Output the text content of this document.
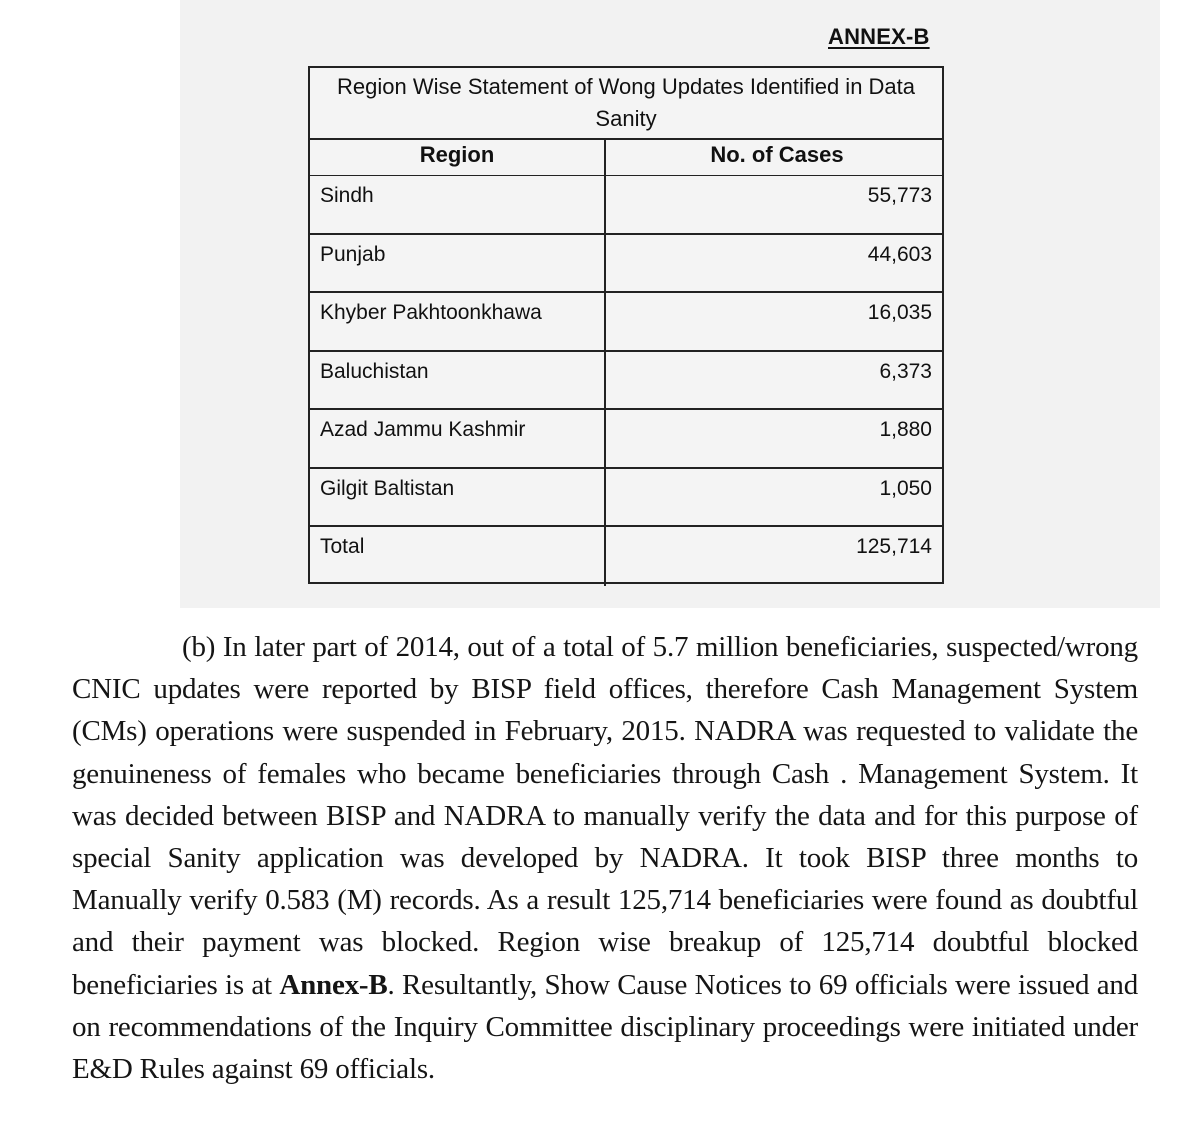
ANNEX-B
Region Wise Statement of Wong Updates Identified in Data Sanity
Region	No. of Cases
Sindh	55,773
Punjab	44,603
Khyber Pakhtoonkhawa	16,035
Baluchistan	6,373
Azad Jammu Kashmir	1,880
Gilgit Baltistan	1,050
Total	125,714
(b) In later part of 2014, out of a total of 5.7 million beneficiaries, suspected/wrong CNIC updates were reported by BISP field offices, therefore Cash Management System (CMs) operations were suspended in February, 2015. NADRA was requested to validate the genuineness of females who became beneficiaries through Cash . Management System. It was decided between BISP and NADRA to manually verify the data and for this purpose of special Sanity application was developed by NADRA. It took BISP three months to Manually verify 0.583 (M) records. As a result 125,714 beneficiaries were found as doubtful and their payment was blocked. Region wise breakup of 125,714 doubtful blocked beneficiaries is at Annex-B. Resultantly, Show Cause Notices to 69 officials were issued and on recommendations of the Inquiry Committee disciplinary proceedings were initiated under E&D Rules against 69 officials.
